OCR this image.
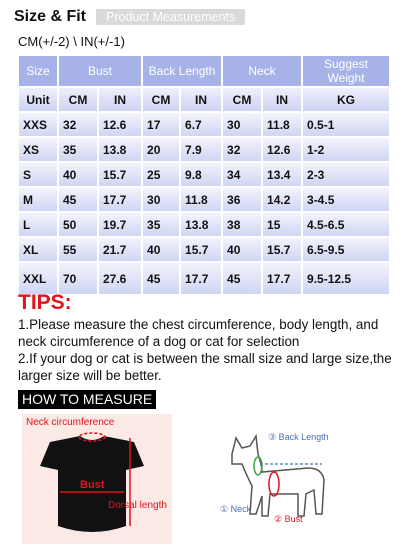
Size & Fit	Product Measurements
CM(+/-2) \ IN(+/-1)
Size	Bust		Back Length		Neck		Suggest Weight
Unit	CM	IN	CM	IN	CM	IN	KG
XXS	32	12.6	17	6.7	30	11.8	0.5-1
XS	35	13.8	20	7.9	32	12.6	1-2
S	40	15.7	25	9.8	34	13.4	2-3
M	45	17.7	30	11.8	36	14.2	3-4.5
L	50	19.7	35	13.8	38	15	4.5-6.5
XL	55	21.7	40	15.7	40	15.7	6.5-9.5
XXL	70	27.6	45	17.7	45	17.7	9.5-12.5
TIPS:
1.Please measure the chest circumference, body length, and neck circumference of a dog or cat for selection
2.If your dog or cat is between the small size and large size,the larger size will be better.
HOW TO MEASURE
Neck circumference
Bust
Dorsal length
③ Back Length
① Neck
② Bust
